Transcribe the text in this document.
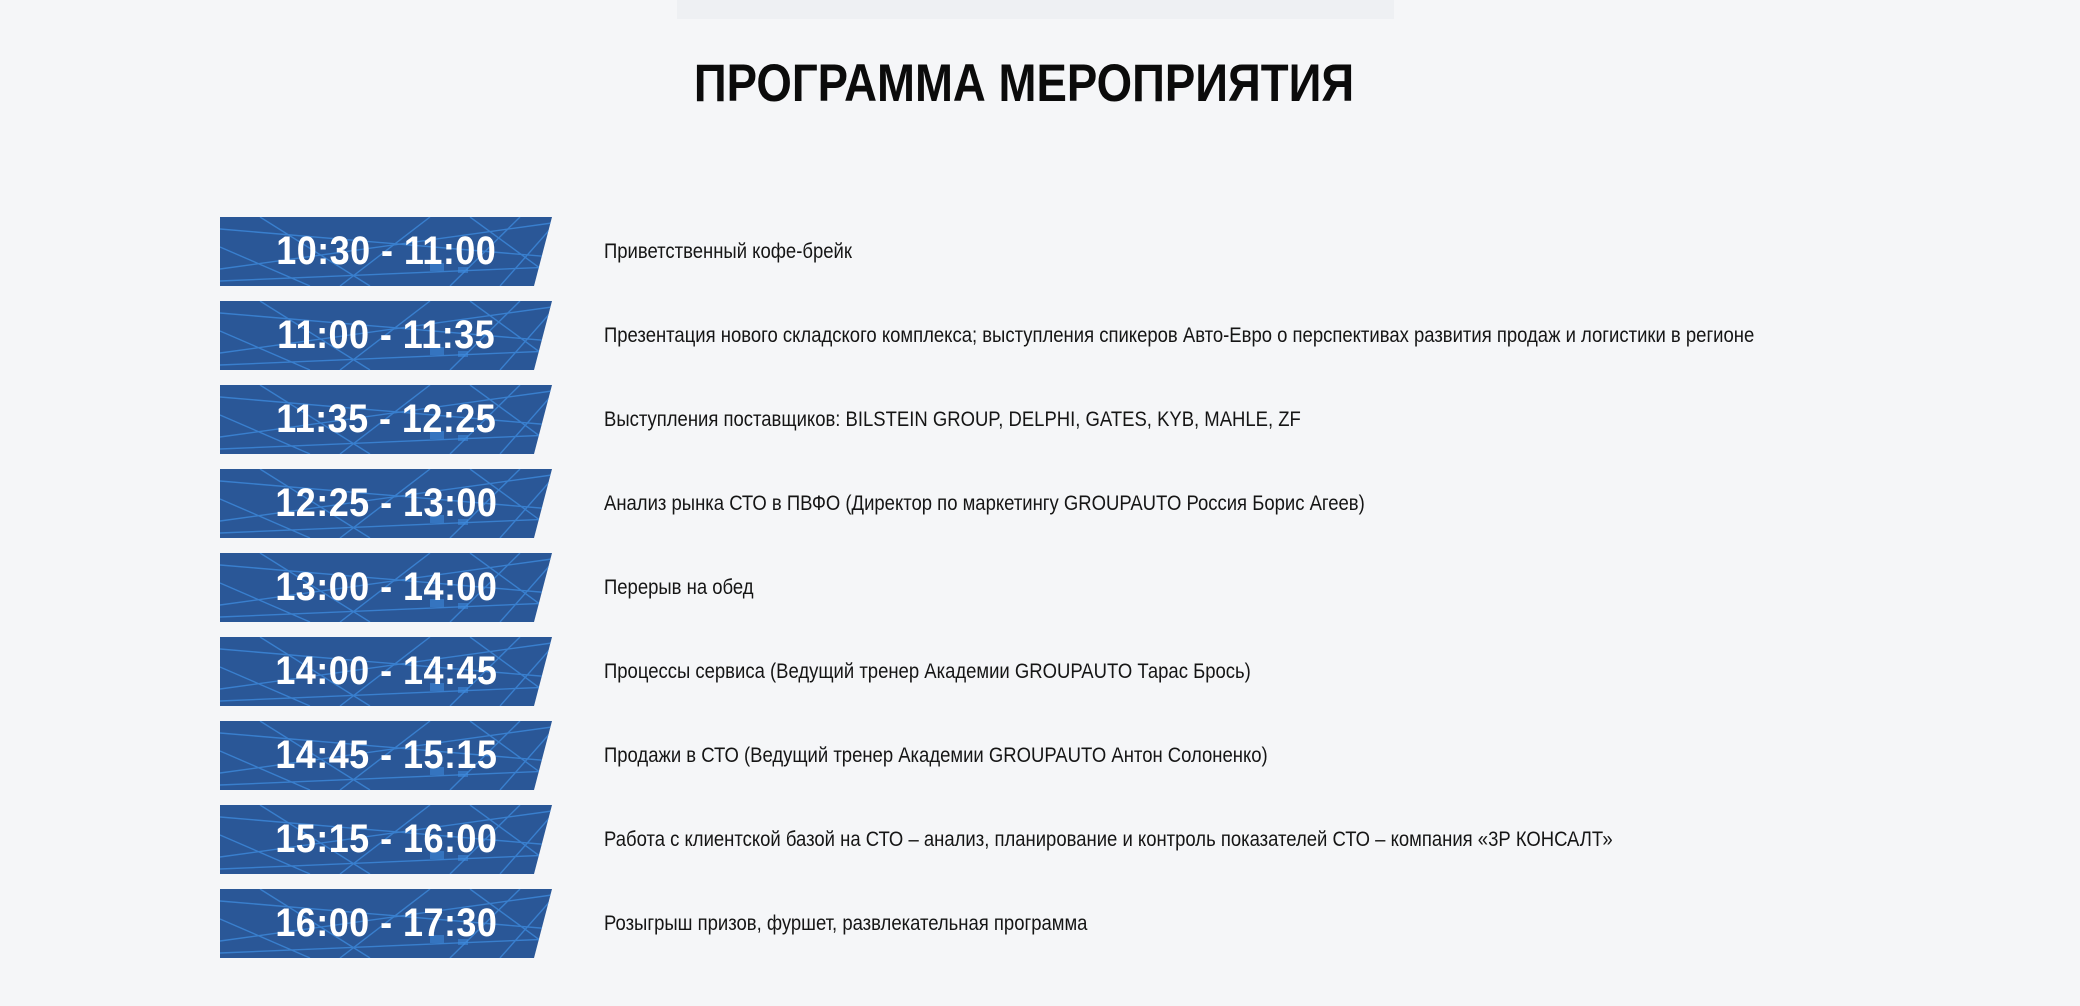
ПРОГРАММА МЕРОПРИЯТИЯ
10:30 - 11:00	Приветственный кофе-брейк
11:00 - 11:35	Презентация нового складского комплекса; выступления спикеров Авто-Евро о перспективах развития продаж и логистики в регионе
11:35 - 12:25	Выступления поставщиков: BILSTEIN GROUP, DELPHI, GATES, KYB, MAHLE, ZF
12:25 - 13:00	Анализ рынка СТО в ПВФО (Директор по маркетингу GROUPAUTO Россия Борис Агеев)
13:00 - 14:00	Перерыв на обед
14:00 - 14:45	Процессы сервиса (Ведущий тренер Академии GROUPAUTO Тарас Брось)
14:45 - 15:15	Продажи в СТО (Ведущий тренер Академии GROUPAUTO Антон Солоненко)
15:15 - 16:00	Работа с клиентской базой на СТО – анализ, планирование и контроль показателей СТО – компания «3Р КОНСАЛТ»
16:00 - 17:30	Розыгрыш призов, фуршет, развлекательная программа
